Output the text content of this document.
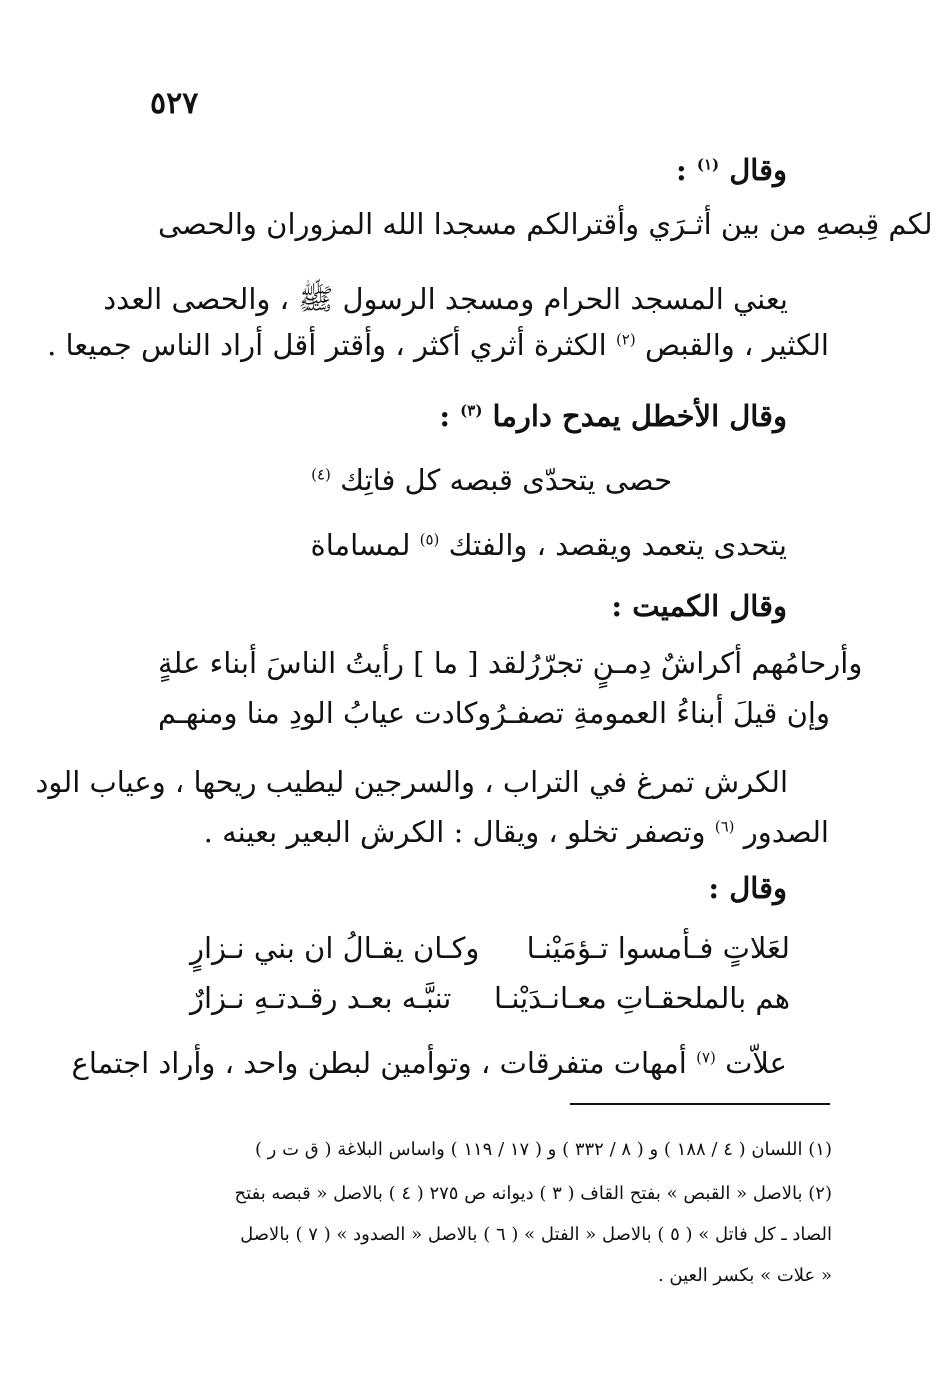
٥٢٧
وقال $^{(١)}$ :
لكم مسجدا الله المزوران والحصى لكم قِبصهِ من بين أثـرَي وأقترا
يعني المسجد الحرام ومسجد الرسول ﷺ ، والحصى العدد
الكثير ، والقبص $^{(٢)}$ الكثرة أثري أكثر ، وأقتر أقل أراد الناس جميعا .
وقال الأخطل يمدح دارما $^{(٣)}$ :
حصى يتحدّى قبصه كل فاتِك $^{(٤)}$
يتحدى يتعمد ويقصد ، والفتك $^{(٥)}$ لمساماة
وقال الكميت :
لقد [ ما ] رأيتُ الناسَ أبناء علةٍ وأرحامُهم أكراشٌ دِمـنٍ تجرّرُ
وكادت عيابُ الودِ منا ومنهـم وإن قيلَ أبناءُ العمومةِ تصفـرُ
الكرش تمرغ في التراب ، والسرجين ليطيب ريحها ، وعياب الود
الصدور $^{(٦)}$ وتصفر تخلو ، ويقال : الكرش البعير بعينه .
وقال :
وكـان يقـالُ ان بني نـزارٍ لعَلاتٍ فـأمسوا تـؤمَيْنـا
تنبَّـه بعـد رقـدتـهِ نـزارٌ هم بالملحقـاتِ معـانـدَيْنـا
علاّت $^{(٧)}$ أمهات متفرقات ، وتوأمين لبطن واحد ، وأراد اجتماع
(١) اللسان ( ٤ / ١٨٨ ) و ( ٨ / ٣٣٢ ) و ( ١٧ / ١١٩ ) واساس البلاغة ( ق ت ر )
(٢) بالاصل « القبص » بفتح القاف ( ٣ ) ديوانه ص ٢٧٥ ( ٤ ) بالاصل « قبصه بفتح
الصاد ـ كل فاتل » ( ٥ ) بالاصل « الفتل » ( ٦ ) بالاصل « الصدود » ( ٧ ) بالاصل
« علات » بكسر العين .
